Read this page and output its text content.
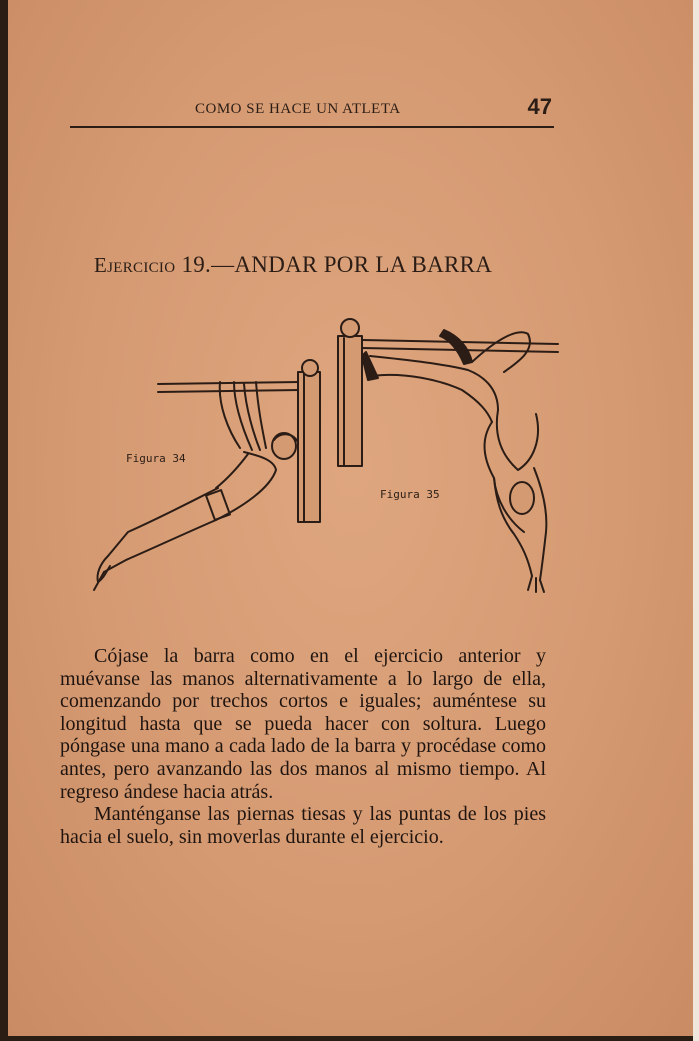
COMO SE HACE UN ATLETA	47
Ejercicio 19.—ANDAR POR LA BARRA
Figura 34
Figura 35

Cójase la barra como en el ejercicio anterior y muévanse las manos alternativamente a lo largo de ella, comenzando por trechos cortos e iguales; auméntese su longitud hasta que se pueda hacer con soltura. Luego póngase una mano a cada lado de la barra y procédase como antes, pero avanzando las dos manos al mismo tiempo. Al regreso ándese hacia atrás.

Manténganse las piernas tiesas y las puntas de los pies hacia el suelo, sin moverlas durante el ejercicio.
